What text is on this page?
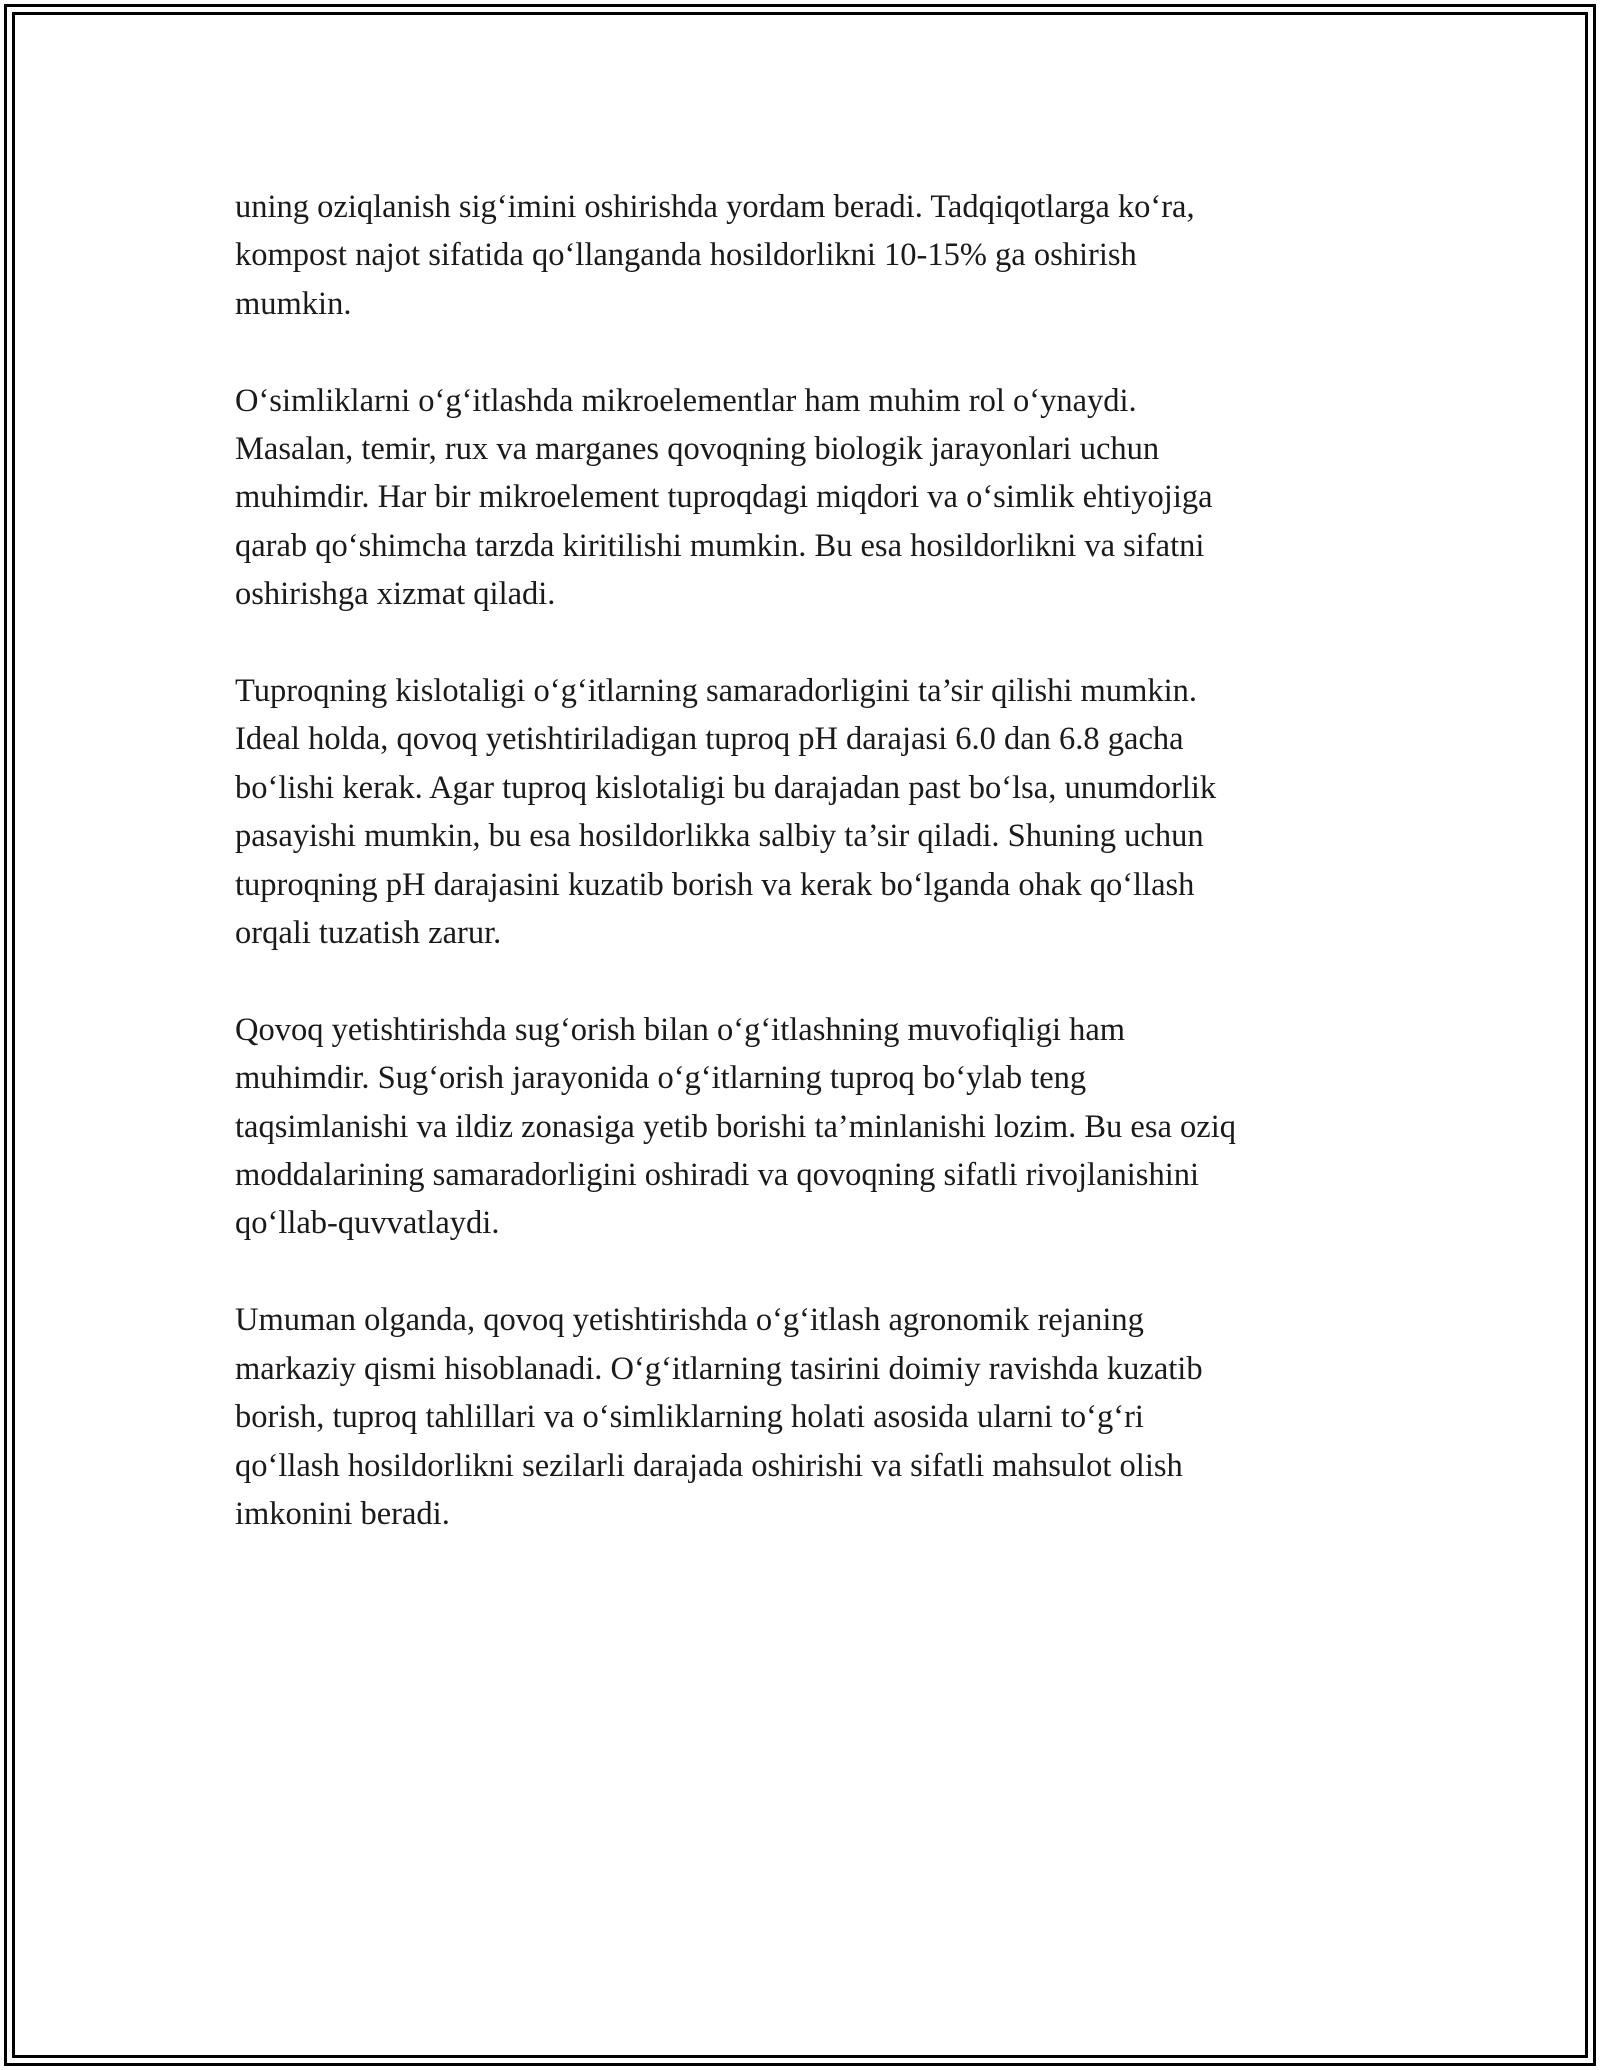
uning oziqlanish sigʻimini oshirishda yordam beradi. Tadqiqotlarga koʻra,
kompost najot sifatida qoʻllanganda hosildorlikni 10-15% ga oshirish
mumkin.
Oʻsimliklarni oʻgʻitlashda mikroelementlar ham muhim rol oʻynaydi.
Masalan, temir, rux va marganes qovoqning biologik jarayonlari uchun
muhimdir. Har bir mikroelement tuproqdagi miqdori va oʻsimlik ehtiyojiga
qarab qoʻshimcha tarzda kiritilishi mumkin. Bu esa hosildorlikni va sifatni
oshirishga xizmat qiladi.
Tuproqning kislotaligi oʻgʻitlarning samaradorligini ta’sir qilishi mumkin.
Ideal holda, qovoq yetishtiriladigan tuproq pH darajasi 6.0 dan 6.8 gacha
boʻlishi kerak. Agar tuproq kislotaligi bu darajadan past boʻlsa, unumdorlik
pasayishi mumkin, bu esa hosildorlikka salbiy ta’sir qiladi. Shuning uchun
tuproqning pH darajasini kuzatib borish va kerak boʻlganda ohak qoʻllash
orqali tuzatish zarur.
Qovoq yetishtirishda sugʻorish bilan oʻgʻitlashning muvofiqligi ham
muhimdir. Sugʻorish jarayonida oʻgʻitlarning tuproq boʻylab teng
taqsimlanishi va ildiz zonasiga yetib borishi ta’minlanishi lozim. Bu esa oziq
moddalarining samaradorligini oshiradi va qovoqning sifatli rivojlanishini
qoʻllab-quvvatlaydi.
Umuman olganda, qovoq yetishtirishda oʻgʻitlash agronomik rejaning
markaziy qismi hisoblanadi. Oʻgʻitlarning tasirini doimiy ravishda kuzatib
borish, tuproq tahlillari va oʻsimliklarning holati asosida ularni toʻgʻri
qoʻllash hosildorlikni sezilarli darajada oshirishi va sifatli mahsulot olish
imkonini beradi.
